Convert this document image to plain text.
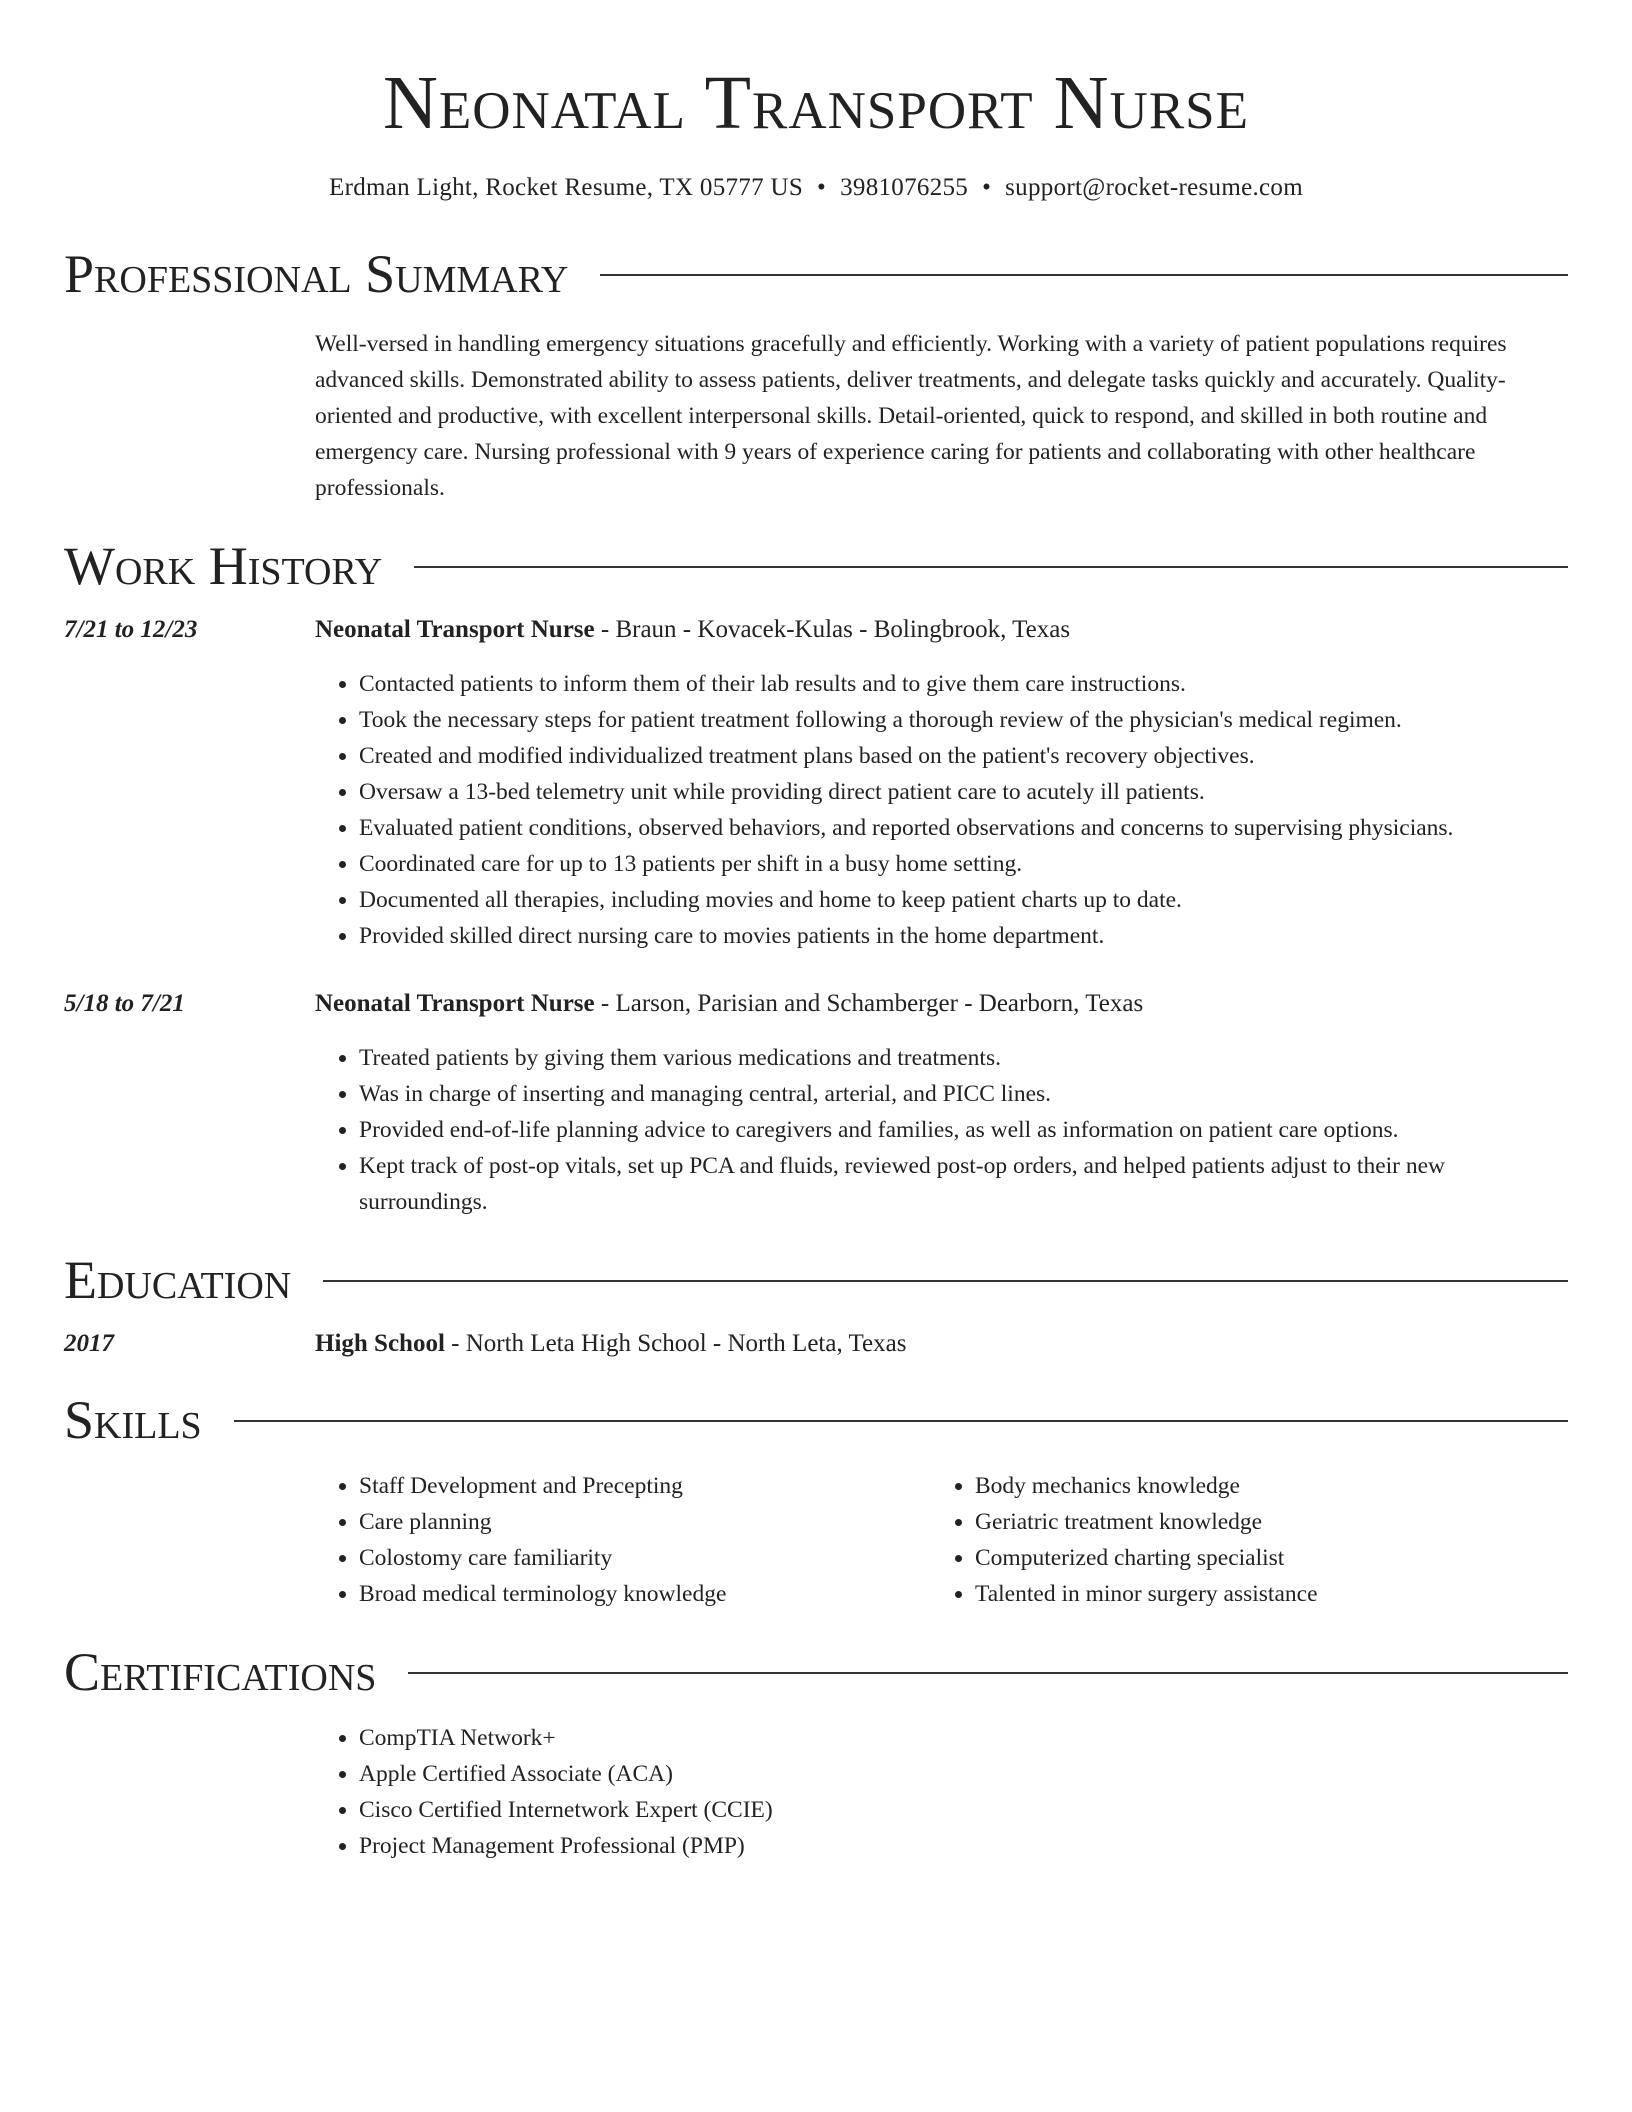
Neonatal Transport Nurse
Erdman Light, Rocket Resume, TX 05777 US • 3981076255 • support@rocket-resume.com
Professional Summary
Well-versed in handling emergency situations gracefully and efficiently. Working with a variety of patient populations requires advanced skills. Demonstrated ability to assess patients, deliver treatments, and delegate tasks quickly and accurately. Quality-oriented and productive, with excellent interpersonal skills. Detail-oriented, quick to respond, and skilled in both routine and emergency care. Nursing professional with 9 years of experience caring for patients and collaborating with other healthcare professionals.
Work History
7/21 to 12/23	Neonatal Transport Nurse - Braun - Kovacek-Kulas - Bolingbrook, Texas
• Contacted patients to inform them of their lab results and to give them care instructions.
• Took the necessary steps for patient treatment following a thorough review of the physician's medical regimen.
• Created and modified individualized treatment plans based on the patient's recovery objectives.
• Oversaw a 13-bed telemetry unit while providing direct patient care to acutely ill patients.
• Evaluated patient conditions, observed behaviors, and reported observations and concerns to supervising physicians.
• Coordinated care for up to 13 patients per shift in a busy home setting.
• Documented all therapies, including movies and home to keep patient charts up to date.
• Provided skilled direct nursing care to movies patients in the home department.
5/18 to 7/21	Neonatal Transport Nurse - Larson, Parisian and Schamberger - Dearborn, Texas
• Treated patients by giving them various medications and treatments.
• Was in charge of inserting and managing central, arterial, and PICC lines.
• Provided end-of-life planning advice to caregivers and families, as well as information on patient care options.
• Kept track of post-op vitals, set up PCA and fluids, reviewed post-op orders, and helped patients adjust to their new surroundings.
Education
2017	High School - North Leta High School - North Leta, Texas
Skills
• Staff Development and Precepting
• Care planning
• Colostomy care familiarity
• Broad medical terminology knowledge
• Body mechanics knowledge
• Geriatric treatment knowledge
• Computerized charting specialist
• Talented in minor surgery assistance
Certifications
• CompTIA Network+
• Apple Certified Associate (ACA)
• Cisco Certified Internetwork Expert (CCIE)
• Project Management Professional (PMP)
